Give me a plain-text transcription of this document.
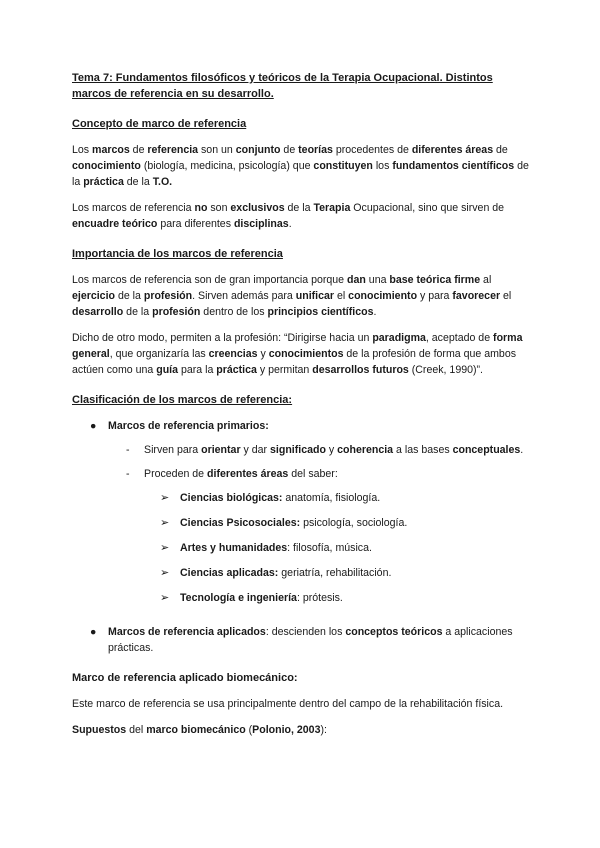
Tema 7: Fundamentos filosóficos y teóricos de la Terapia Ocupacional. Distintos
marcos de referencia en su desarrollo.
Concepto de marco de referencia

Los marcos de referencia son un conjunto de teorías procedentes de diferentes áreas de conocimiento (biología, medicina, psicología) que constituyen los fundamentos científicos de la práctica de la T.O.

Los marcos de referencia no son exclusivos de la Terapia Ocupacional, sino que sirven de encuadre teórico para diferentes disciplinas.

Importancia de los marcos de referencia

Los marcos de referencia son de gran importancia porque dan una base teórica firme al ejercicio de la profesión. Sirven además para unificar el conocimiento y para favorecer el desarrollo de la profesión dentro de los principios científicos.

Dicho de otro modo, permiten a la profesión: “Dirigirse hacia un paradigma, aceptado de forma general, que organizaría las creencias y conocimientos de la profesión de forma que ambos actúen como una guía para la práctica y permitan desarrollos futuros (Creek, 1990)”.

Clasificación de los marcos de referencia:
● Marcos de referencia primarios:
- Sirven para orientar y dar significado y coherencia a las bases conceptuales.
- Proceden de diferentes áreas del saber:
➢ Ciencias biológicas: anatomía, fisiología.
➢ Ciencias Psicosociales: psicología, sociología.
➢ Artes y humanidades: filosofía, música.
➢ Ciencias aplicadas: geriatría, rehabilitación.
➢ Tecnología e ingeniería: prótesis.
● Marcos de referencia aplicados: descienden los conceptos teóricos a aplicaciones prácticas.
Marco de referencia aplicado biomecánico:

Este marco de referencia se usa principalmente dentro del campo de la rehabilitación física.

Supuestos del marco biomecánico (Polonio, 2003):
